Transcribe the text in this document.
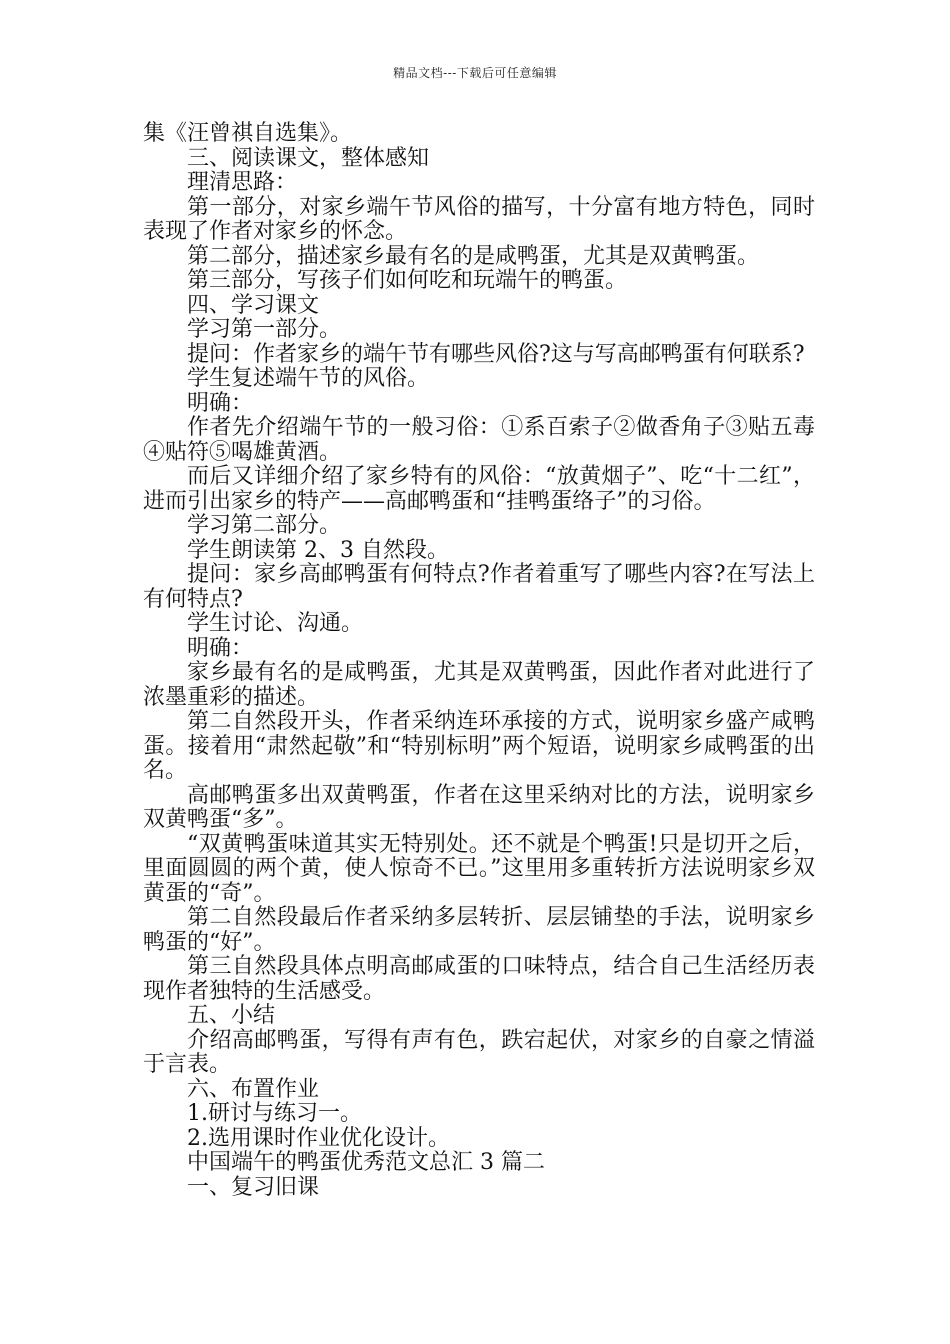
精品文档---下载后可任意编辑

集《汪曾祺自选集》。

三、阅读课文，整体感知

理清思路：

第一部分，对家乡端午节风俗的描写，十分富有地方特色，同时表现了作者对家乡的怀念。

第二部分，描述家乡最有名的是咸鸭蛋，尤其是双黄鸭蛋。

第三部分，写孩子们如何吃和玩端午的鸭蛋。

四、学习课文

学习第一部分。

提问：作者家乡的端午节有哪些风俗?这与写高邮鸭蛋有何联系?

学生复述端午节的风俗。

明确：

作者先介绍端午节的一般习俗：①系百索子②做香角子③贴五毒④贴符⑤喝雄黄酒。

而后又详细介绍了家乡特有的风俗：“放黄烟子”、吃“十二红”，进而引出家乡的特产——高邮鸭蛋和“挂鸭蛋络子”的习俗。

学习第二部分。

学生朗读第 2、3 自然段。

提问：家乡高邮鸭蛋有何特点?作者着重写了哪些内容?在写法上有何特点?

学生讨论、沟通。

明确：

家乡最有名的是咸鸭蛋，尤其是双黄鸭蛋，因此作者对此进行了浓墨重彩的描述。

第二自然段开头，作者采纳连环承接的方式，说明家乡盛产咸鸭蛋。接着用“肃然起敬”和“特别标明”两个短语，说明家乡咸鸭蛋的出名。

高邮鸭蛋多出双黄鸭蛋，作者在这里采纳对比的方法，说明家乡双黄鸭蛋“多”。

“双黄鸭蛋味道其实无特别处。还不就是个鸭蛋!只是切开之后，里面圆圆的两个黄，使人惊奇不已。”这里用多重转折方法说明家乡双黄蛋的“奇”。

第二自然段最后作者采纳多层转折、层层铺垫的手法，说明家乡鸭蛋的“好”。

第三自然段具体点明高邮咸蛋的口味特点，结合自己生活经历表现作者独特的生活感受。

五、小结

介绍高邮鸭蛋，写得有声有色，跌宕起伏，对家乡的自豪之情溢于言表。

六、布置作业

1.研讨与练习一。

2.选用课时作业优化设计。

中国端午的鸭蛋优秀范文总汇 3 篇二

一、复习旧课
